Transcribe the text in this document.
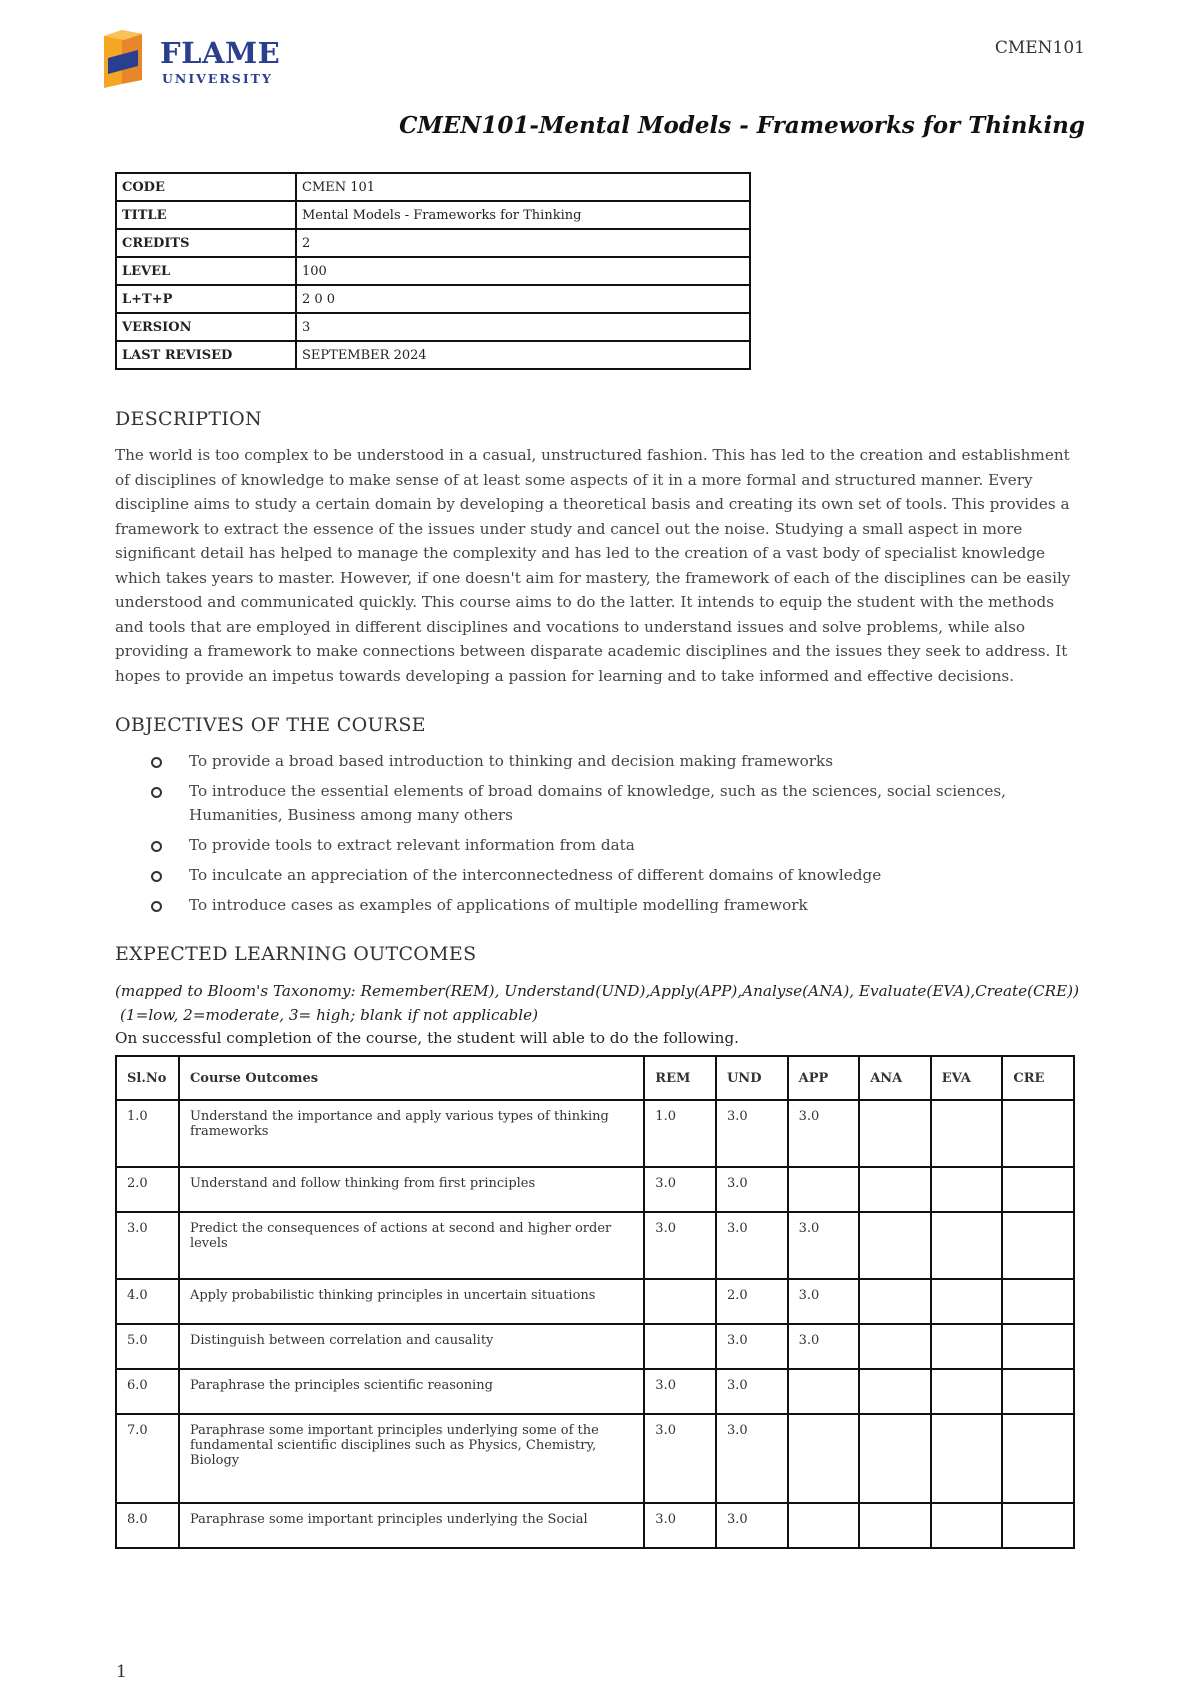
FLAME
UNIVERSITY
CMEN101
CMEN101-Mental Models - Frameworks for Thinking
CODE	CMEN 101
TITLE	Mental Models - Frameworks for Thinking
CREDITS	2
LEVEL	100
L+T+P	2 0 0
VERSION	3
LAST REVISED	SEPTEMBER 2024
DESCRIPTION
The world is too complex to be understood in a casual, unstructured fashion. This has led to the creation and establishment of disciplines of knowledge to make sense of at least some aspects of it in a more formal and structured manner. Every discipline aims to study a certain domain by developing a theoretical basis and creating its own set of tools. This provides a framework to extract the essence of the issues under study and cancel out the noise. Studying a small aspect in more significant detail has helped to manage the complexity and has led to the creation of a vast body of specialist knowledge which takes years to master. However, if one doesn't aim for mastery, the framework of each of the disciplines can be easily understood and communicated quickly. This course aims to do the latter. It intends to equip the student with the methods and tools that are employed in different disciplines and vocations to understand issues and solve problems, while also providing a framework to make connections between disparate academic disciplines and the issues they seek to address. It hopes to provide an impetus towards developing a passion for learning and to take informed and effective decisions.
OBJECTIVES OF THE COURSE
To provide a broad based introduction to thinking and decision making frameworks
To introduce the essential elements of broad domains of knowledge, such as the sciences, social sciences, Humanities, Business among many others
To provide tools to extract relevant information from data
To inculcate an appreciation of the interconnectedness of different domains of knowledge
To introduce cases as examples of applications of multiple modelling framework
EXPECTED LEARNING OUTCOMES
(mapped to Bloom's Taxonomy: Remember(REM), Understand(UND),Apply(APP),Analyse(ANA), Evaluate(EVA),Create(CRE))
(1=low, 2=moderate, 3= high; blank if not applicable)
On successful completion of the course, the student will able to do the following.
Sl.No	Course Outcomes	REM	UND	APP	ANA	EVA	CRE
1.0	Understand the importance and apply various types of thinking frameworks	1.0	3.0	3.0			
2.0	Understand and follow thinking from first principles	3.0	3.0				
3.0	Predict the consequences of actions at second and higher order levels	3.0	3.0	3.0			
4.0	Apply probabilistic thinking principles in uncertain situations		2.0	3.0			
5.0	Distinguish between correlation and causality		3.0	3.0			
6.0	Paraphrase the principles scientific reasoning	3.0	3.0				
7.0	Paraphrase some important principles underlying some of the fundamental scientific disciplines such as Physics, Chemistry, Biology	3.0	3.0				
8.0	Paraphrase some important principles underlying the Social	3.0	3.0				
1
